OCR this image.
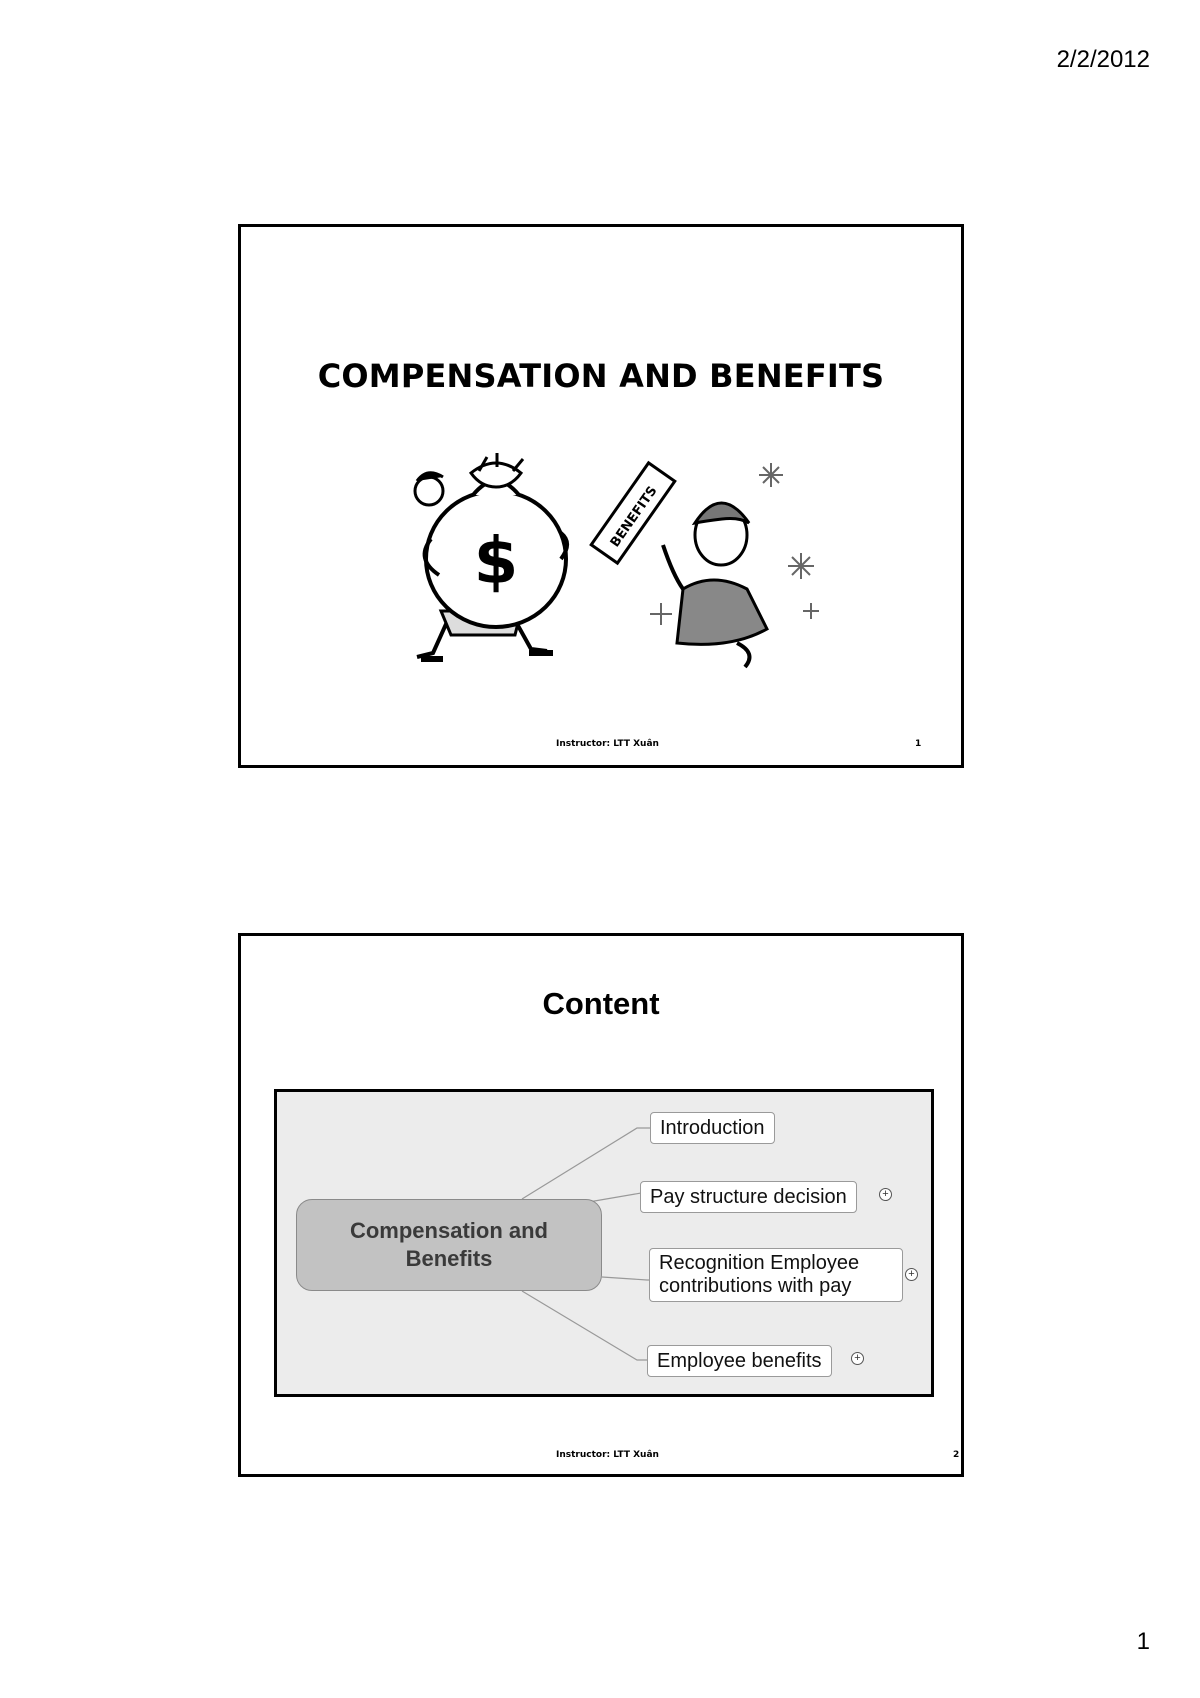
2/2/2012
COMPENSATION AND BENEFITS
$
BENEFITS
Instructor: LTT Xuân	1
Content
Compensation and Benefits
Introduction
Pay structure decision	+
Recognition Employee contributions with pay
+
Employee benefits	+
Instructor: LTT Xuân	2
1
